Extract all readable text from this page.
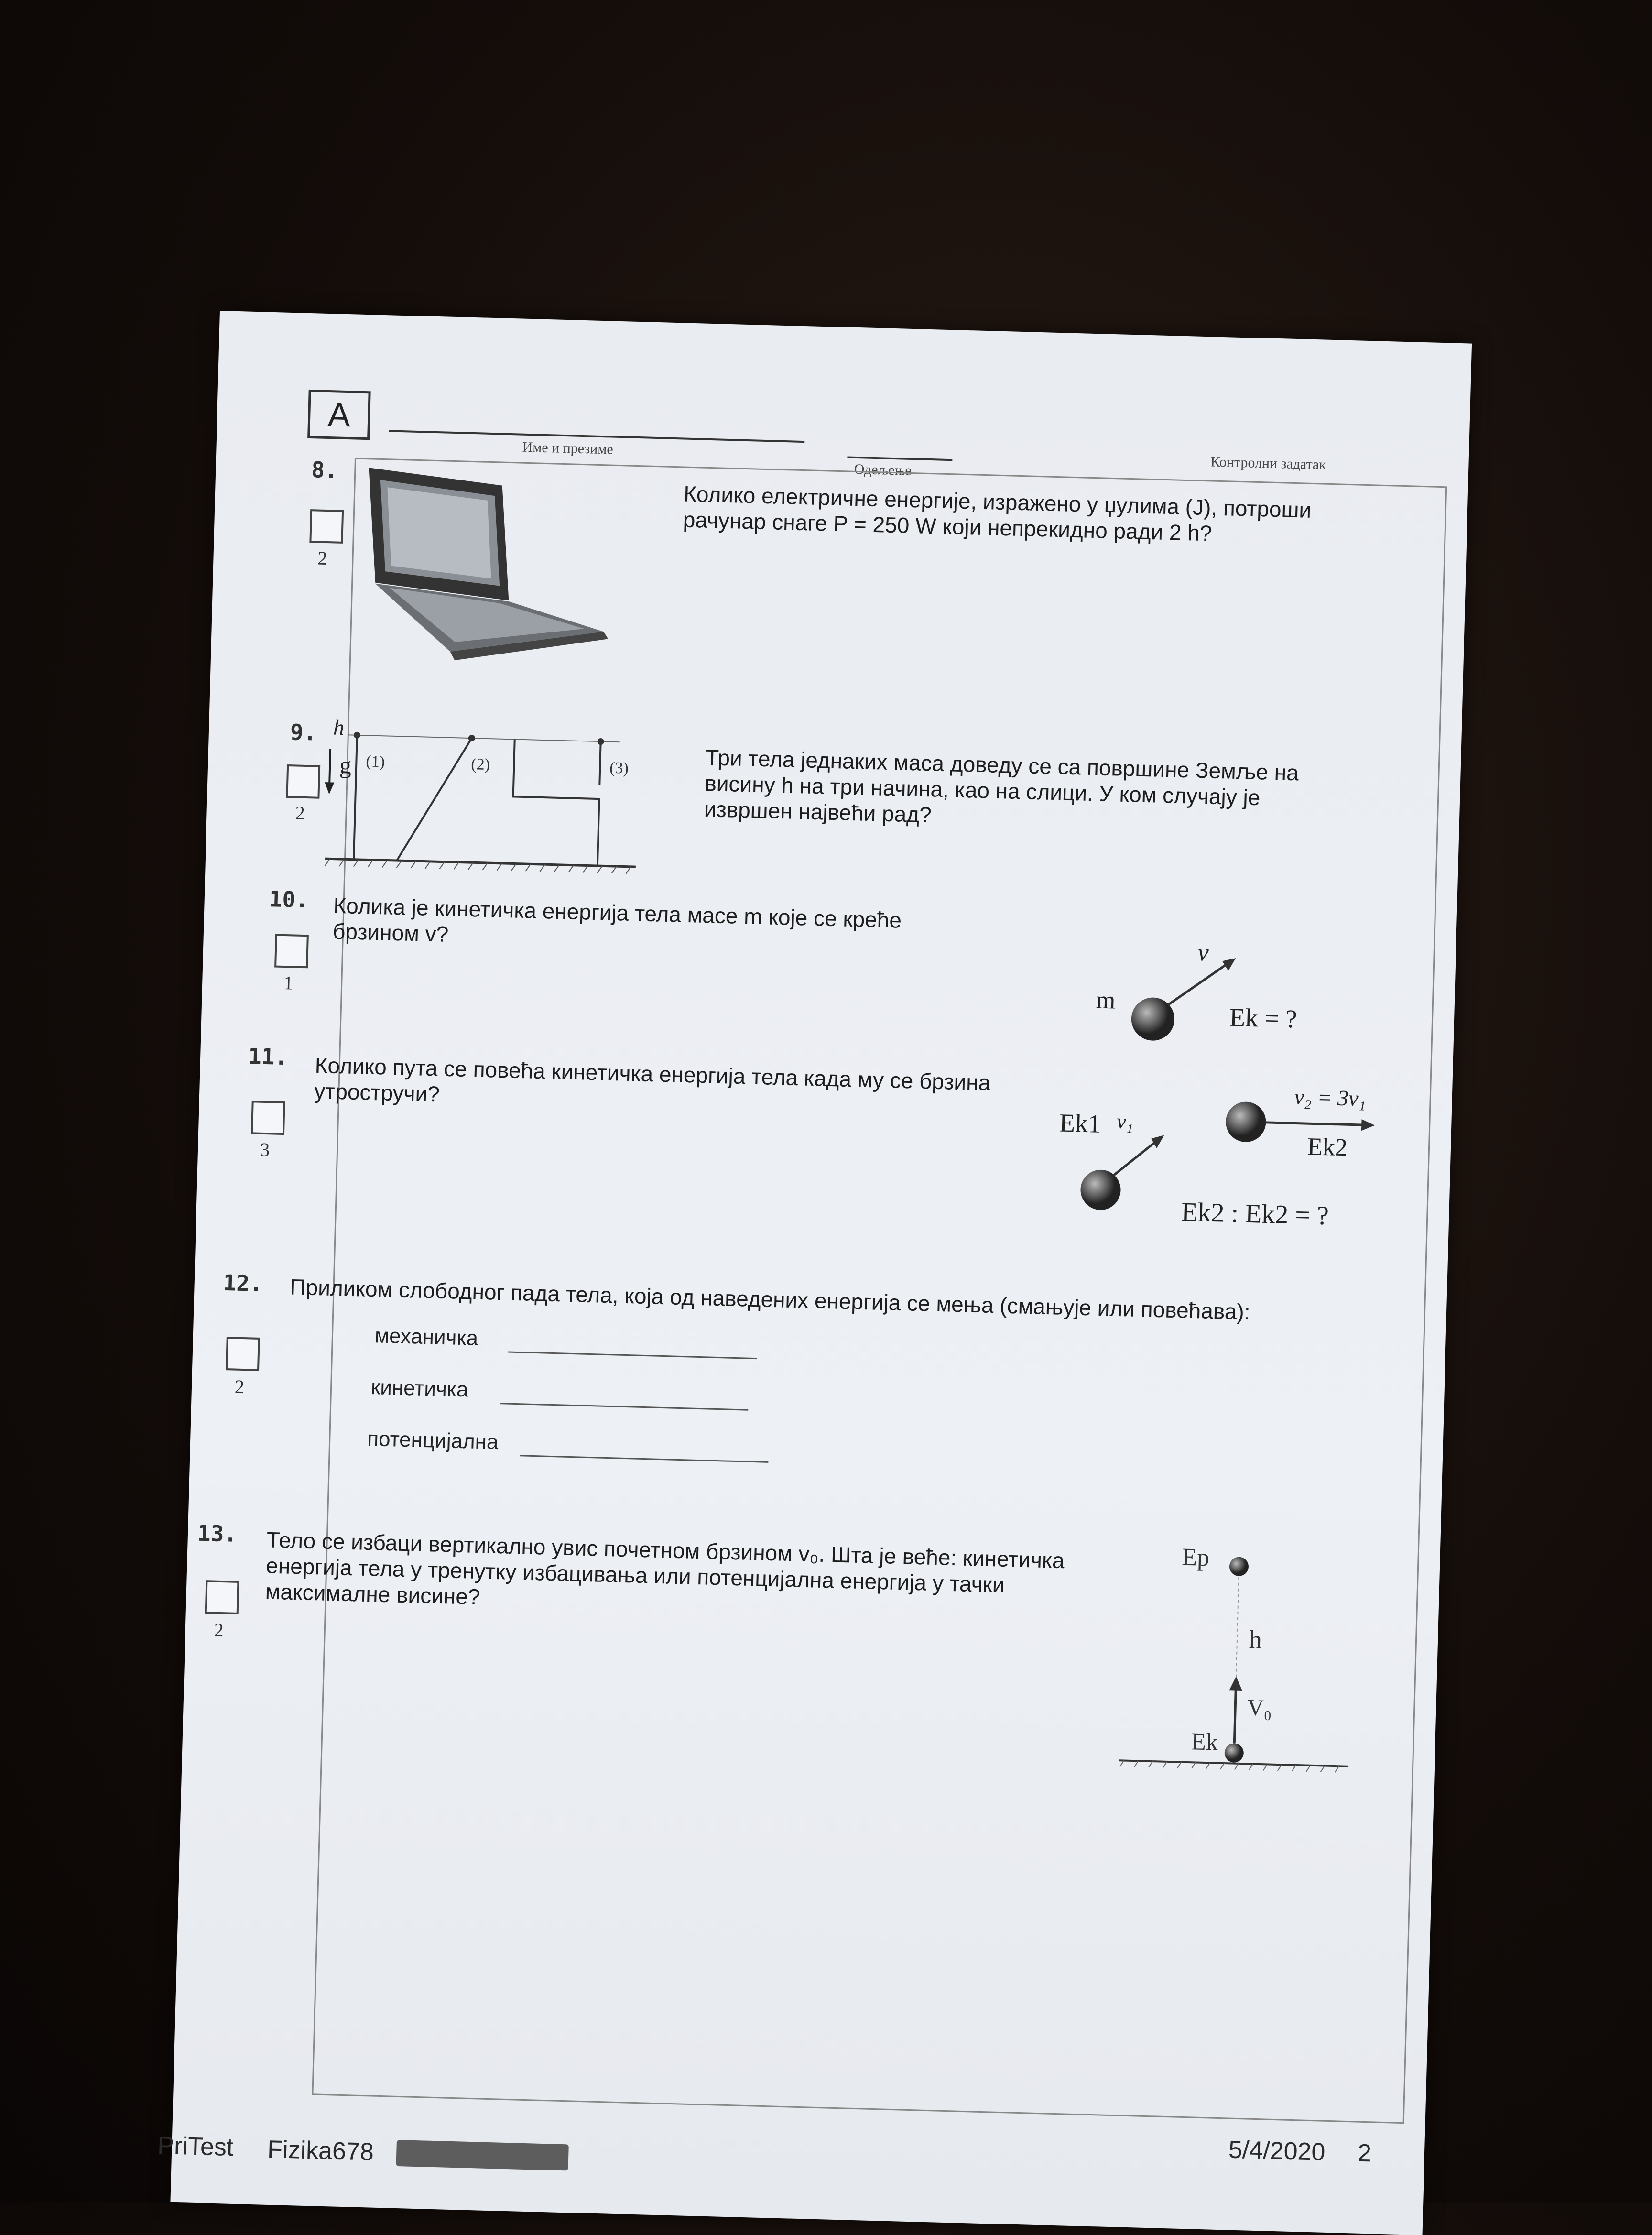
A
Име и презиме
Одељење	Контролни задатак
8.
2
Колико електричне енергије, изражено у џулима (J), потроши рачунар снаге P = 250 W који непрекидно ради 2 h?
9.
2
h
g (1)	(2)	(3)	Три тела једнаких маса доведу се са површине Земље на висину h на три начина, као на слици. У ком случају је извршен највећи рад?
10. Колика је кинетичка енергија тела масе m које се креће брзином v?
1
m
v
Ek = ?
11. Колико пута се повећа кинетичка енергија тела када му се брзина утростручи?
3
Ek1 v₁
v₂ = 3v₁
Ek2
Ek2 : Ek2 = ?
12. Приликом слободног пада тела, која од наведених енергија се мења (смањује или повећава):
2
механичка
кинетичка
потенцијална
13. Тело се избаци вертикално увис почетном брзином v₀. Шта је веће: кинетичка енергија тела у тренутку избацивања или потенцијална енергија у тачки максималне висине?
2
Ep
h
V₀
Ek
PriTest Fizika678	5/4/2020 2
